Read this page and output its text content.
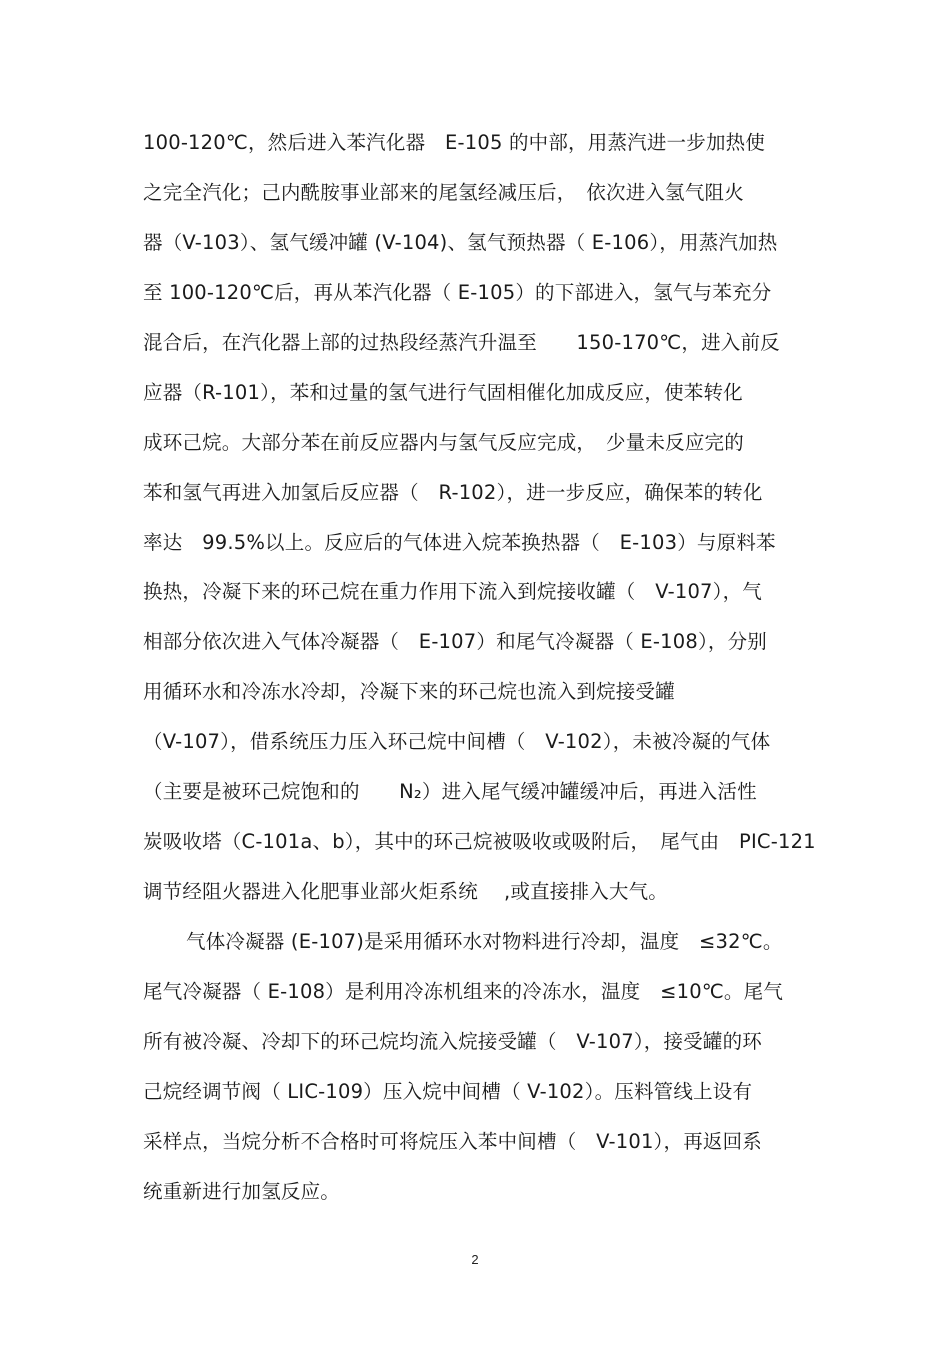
100-120℃，然后进入苯汽化器　E-105 的中部，用蒸汽进一步加热使
之完全汽化；己内酰胺事业部来的尾氢经减压后，　依次进入氢气阻火
器（V-103）、氢气缓冲罐 (V-104)、氢气预热器（ E-106），用蒸汽加热
至 100-120℃后，再从苯汽化器（ E-105）的下部进入，氢气与苯充分
混合后，在汽化器上部的过热段经蒸汽升温至　　150-170℃，进入前反
应器（R-101），苯和过量的氢气进行气固相催化加成反应，使苯转化
成环己烷。大部分苯在前反应器内与氢气反应完成，　少量未反应完的
苯和氢气再进入加氢后反应器（　R-102），进一步反应，确保苯的转化
率达　99.5%以上。反应后的气体进入烷苯换热器（　E-103）与原料苯
换热，冷凝下来的环己烷在重力作用下流入到烷接收罐（　V-107），气
相部分依次进入气体冷凝器（　E-107）和尾气冷凝器（ E-108），分别
用循环水和冷冻水冷却，冷凝下来的环己烷也流入到烷接受罐
（V-107），借系统压力压入环己烷中间槽（　V-102），未被冷凝的气体
（主要是被环己烷饱和的　　N₂）进入尾气缓冲罐缓冲后，再进入活性
炭吸收塔（C-101a、b），其中的环己烷被吸收或吸附后，　尾气由　PIC-121
调节经阻火器进入化肥事业部火炬系统　 ,或直接排入大气。
气体冷凝器 (E-107)是采用循环水对物料进行冷却，温度　≤32℃。
尾气冷凝器（ E-108）是利用冷冻机组来的冷冻水，温度　≤10℃。尾气
所有被冷凝、冷却下的环己烷均流入烷接受罐（　V-107），接受罐的环
己烷经调节阀（ LIC-109）压入烷中间槽（ V-102）。压料管线上设有
采样点，当烷分析不合格时可将烷压入苯中间槽（　V-101），再返回系
统重新进行加氢反应。
2
